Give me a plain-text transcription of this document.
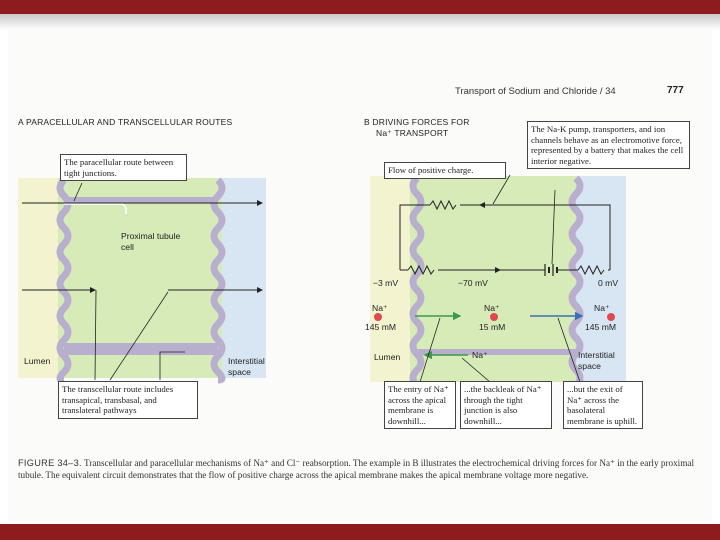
Transport of Sodium and Chloride / 34	777
A PARACELLULAR AND TRANSCELLULAR ROUTES	B DRIVING FORCES FOR
Na⁺ TRANSPORT
The paracellular route between tight junctions.
Proximal tubule cell
Lumen	Interstitial space
The transcellular route includes transapical, transbasal, and translateral pathways
Flow of positive charge.
The Na-K pump, transporters, and ion channels behave as an electromotive force, represented by a battery that makes the cell interior negative.
−3 mV	−70 mV	0 mV
Na⁺
145 mM
Na⁺
15 mM
Na⁺
145 mM
Lumen	Na⁺	Interstitial space
The entry of Na⁺ across the apical membrane is downhill...
...the backleak of Na⁺ through the tight junction is also downhill...
...but the exit of Na⁺ across the basolateral membrane is uphill.
FIGURE 34–3. Transcellular and paracellular mechanisms of Na⁺ and Cl⁻ reabsorption. The example in B illustrates the electrochemical driving forces for Na⁺ in the early proximal tubule. The equivalent circuit demonstrates that the flow of positive charge across the apical membrane makes the apical membrane voltage more negative.
